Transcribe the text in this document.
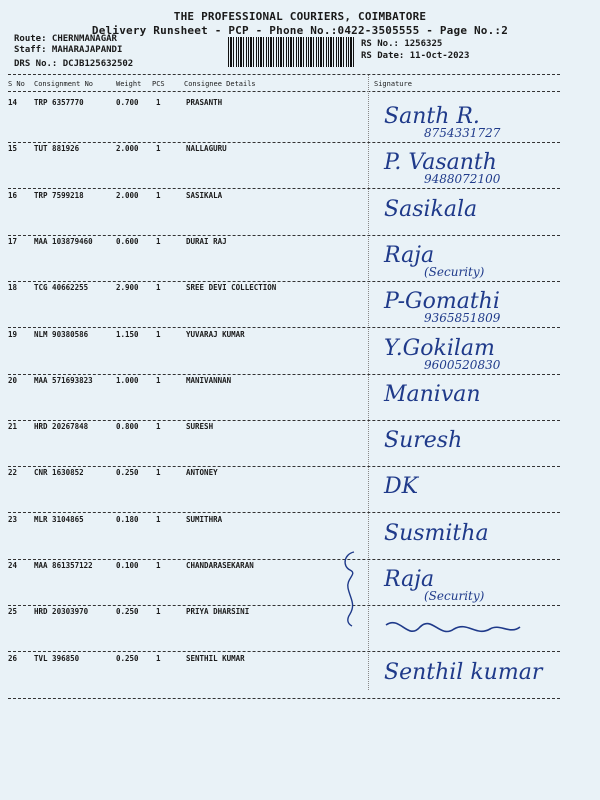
THE PROFESSIONAL COURIERS, COIMBATORE
Delivery Runsheet - PCP - Phone No.:0422-3505555 - Page No.:2
Route: CHERNMANAGAR
Staff: MAHARAJAPANDI
DRS No.: DCJB125632502
RS No.: 1256325
RS Date: 11-Oct-2023
S No Consignment No	Weight PCS	Consignee Details	Signature
14 TRP 6357770	0.700 1	PRASANTH
Santh R.
8754331727
15 TUT 881926	2.000 1	NALLAGURU
P. Vasanth
9488072100
16 TRP 7599218	2.000 1	SASIKALA
Sasikala
17 MAA 103879460	0.600 1	DURAI RAJ
Raja
(Security)
18 TCG 40662255	2.900 1	SREE DEVI COLLECTION
P-Gomathi
9365851809
19 NLM 90380586	1.150 1	YUVARAJ KUMAR
Y.Gokilam
9600520830
20 MAA 571693823	1.000 1	MANIVANNAN
Manivan
21 HRD 20267848	0.800 1	SURESH
Suresh
22 CNR 1630852	0.250 1	ANTONEY
DK
23 MLR 3104865	0.180 1	SUMITHRA
Susmitha
24 MAA 861357122	0.100 1	CHANDARASEKARAN
Raja
(Security)
25 HRD 20303970	0.250 1	PRIYA DHARSINI
26 TVL 396850	0.250 1	SENTHIL KUMAR
Senthil kumar
